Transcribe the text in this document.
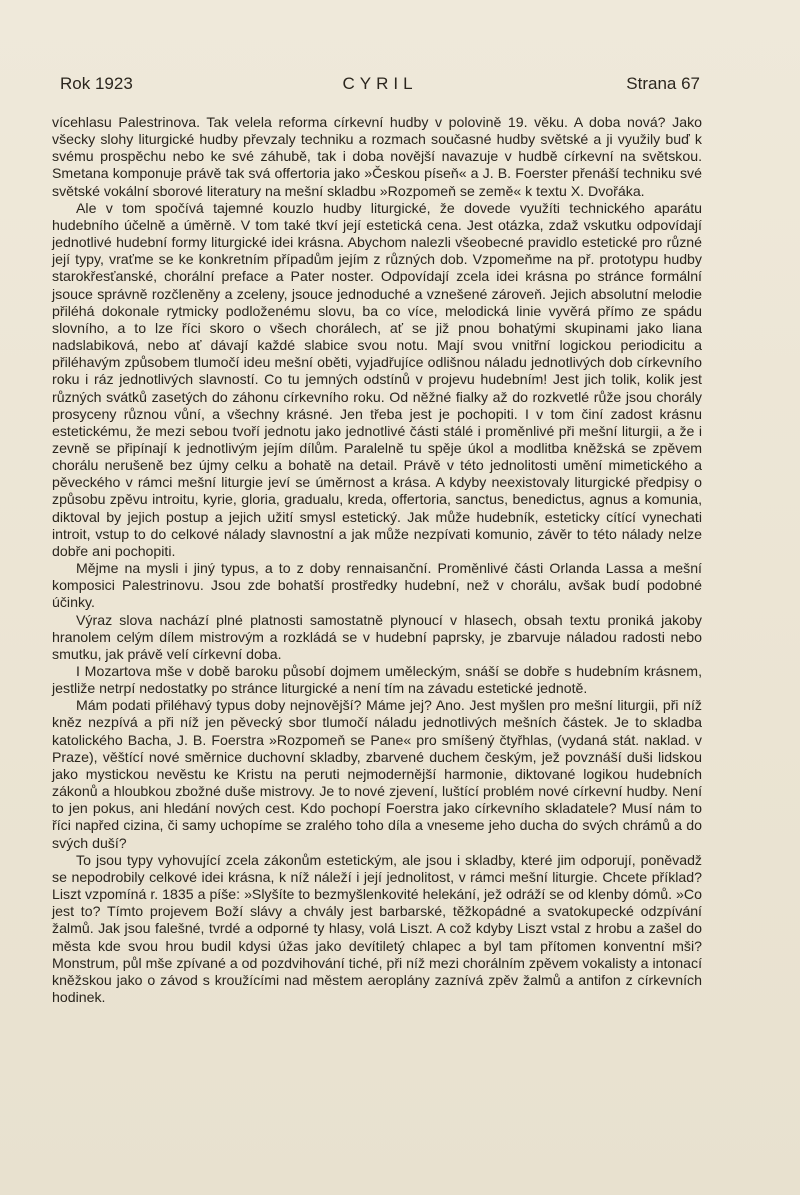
Rok 1923	CYRIL	Strana 67

vícehlasu Palestrinova. Tak velela reforma církevní hudby v polovině 19. věku. A doba nová? Jako všecky slohy liturgické hudby převzaly techniku a rozmach současné hudby světské a ji využily buď k svému prospěchu nebo ke své záhubě, tak i doba novější navazuje v hudbě církevní na světskou. Smetana komponuje právě tak svá offertoria jako »Českou píseň« a J. B. Foerster přenáší techniku své světské vokální sborové literatury na mešní skladbu »Rozpomeň se země« k textu X. Dvořáka.

Ale v tom spočívá tajemné kouzlo hudby liturgické, že dovede využíti technického aparátu hudebního účelně a úměrně. V tom také tkví její estetická cena. Jest otázka, zdaž vskutku odpovídají jednotlivé hudební formy liturgické idei krásna. Abychom nalezli všeobecné pravidlo estetické pro různé její typy, vraťme se ke konkretním případům jejím z různých dob. Vzpomeňme na př. prototypu hudby starokřesťanské, chorální preface a Pater noster. Odpovídají zcela idei krásna po stránce formální jsouce správně rozčleněny a zceleny, jsouce jednoduché a vznešené zároveň. Jejich absolutní melodie přiléhá dokonale rytmicky podloženému slovu, ba co více, melodická linie vyvěrá přímo ze spádu slovního, a to lze říci skoro o všech chorálech, ať se již pnou bohatými skupinami jako liana nadslabiková, nebo ať dávají každé slabice svou notu. Mají svou vnitřní logickou periodicitu a přiléhavým způsobem tlumočí ideu mešní oběti, vyjadřujíce odlišnou náladu jednotlivých dob církevního roku i ráz jednotlivých slavností. Co tu jemných odstínů v projevu hudebním! Jest jich tolik, kolik jest různých svátků zasetých do záhonu církevního roku. Od něžné fialky až do rozkvetlé růže jsou chorály prosyceny různou vůní, a všechny krásné. Jen třeba jest je pochopiti. I v tom činí zadost krásnu estetickému, že mezi sebou tvoří jednotu jako jednotlivé části stálé i proměnlivé při mešní liturgii, a že i zevně se připínají k jednotlivým jejím dílům. Paralelně tu spěje úkol a modlitba kněžská se zpěvem chorálu nerušeně bez újmy celku a bohatě na detail. Právě v této jednolitosti umění mimetického a pěveckého v rámci mešní liturgie jeví se úměrnost a krása. A kdyby neexistovaly liturgické předpisy o způsobu zpěvu introitu, kyrie, gloria, gradualu, kreda, offertoria, sanctus, benedictus, agnus a komunia, diktoval by jejich postup a jejich užití smysl estetický. Jak může hudebník, esteticky cítící vynechati introit, vstup to do celkové nálady slavnostní a jak může nezpívati komunio, závěr to této nálady nelze dobře ani pochopiti.

Mějme na mysli i jiný typus, a to z doby rennaisanční. Proměnlivé části Orlanda Lassa a mešní komposici Palestrinovu. Jsou zde bohatší prostředky hudební, než v chorálu, avšak budí podobné účinky.

Výraz slova nachází plné platnosti samostatně plynoucí v hlasech, obsah textu proniká jakoby hranolem celým dílem mistrovým a rozkládá se v hudební paprsky, je zbarvuje náladou radosti nebo smutku, jak právě velí církevní doba.

I Mozartova mše v době baroku působí dojmem uměleckým, snáší se dobře s hudebním krásnem, jestliže netrpí nedostatky po stránce liturgické a není tím na závadu estetické jednotě.

Mám podati přiléhavý typus doby nejnovější? Máme jej? Ano. Jest myšlen pro mešní liturgii, při níž kněz nezpívá a při níž jen pěvecký sbor tlumočí náladu jednotlivých mešních částek. Je to skladba katolického Bacha, J. B. Foerstra »Rozpomeň se Pane« pro smíšený čtyřhlas, (vydaná stát. naklad. v Praze), věštící nové směrnice duchovní skladby, zbarvené duchem českým, jež povznáší duši lidskou jako mystickou nevěstu ke Kristu na peruti nejmodernější harmonie, diktované logikou hudebních zákonů a hloubkou zbožné duše mistrovy. Je to nové zjevení, luštící problém nové církevní hudby. Není to jen pokus, ani hledání nových cest. Kdo pochopí Foerstra jako církevního skladatele? Musí nám to říci napřed cizina, či samy uchopíme se zralého toho díla a vneseme jeho ducha do svých chrámů a do svých duší?

To jsou typy vyhovující zcela zákonům estetickým, ale jsou i skladby, které jim odporují, poněvadž se nepodrobily celkové idei krásna, k níž náleží i její jednolitost, v rámci mešní liturgie. Chcete příklad? Liszt vzpomíná r. 1835 a píše: »Slyšíte to bezmyšlenkovité helekání, jež odráží se od klenby dómů. »Co jest to? Tímto projevem Boží slávy a chvály jest barbarské, těžkopádné a svatokupecké odzpívání žalmů. Jak jsou falešné, tvrdé a odporné ty hlasy, volá Liszt. A což kdyby Liszt vstal z hrobu a zašel do města kde svou hrou budil kdysi úžas jako devítiletý chlapec a byl tam přítomen konventní mši? Monstrum, půl mše zpívané a od pozdvihování tiché, při níž mezi chorálním zpěvem vokalisty a intonací kněžskou jako o závod s kroužícími nad městem aeroplány zaznívá zpěv žalmů a antifon z církevních hodinek.
